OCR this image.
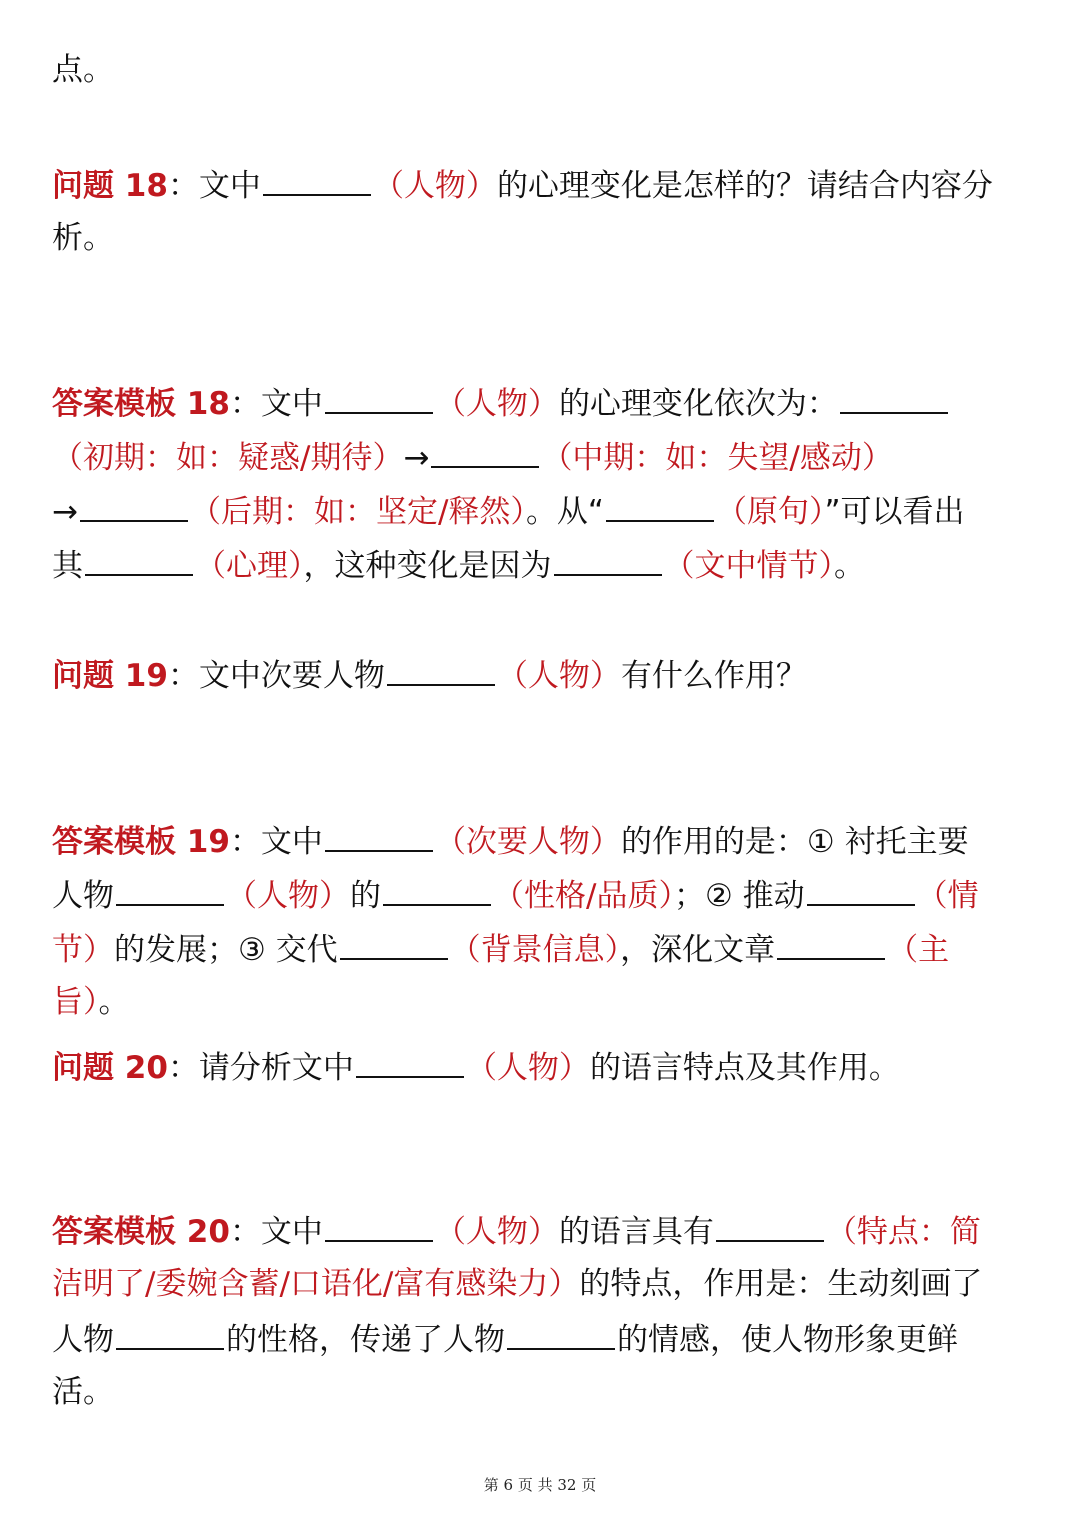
点。
问题 18：文中	（人物）的心理变化是怎样的？请结合内容分
析。
答案模板 18：文中	（人物）的心理变化依次为：
（初期：如：疑惑/期待）→	（中期：如：失望/感动）
→	（后期：如：坚定/释然）。从“	（原句）”可以看出
其	（心理），这种变化是因为	（文中情节）。
问题 19：文中次要人物	（人物）有什么作用？
答案模板 19：文中	（次要人物）的作用的是：① 衬托主要
人物	（人物）的	（性格/品质）；② 推动	（情
节）的发展；③ 交代	（背景信息），深化文章	（主
旨）。
问题 20：请分析文中	（人物）的语言特点及其作用。
答案模板 20：文中	（人物）的语言具有	（特点：简
洁明了/委婉含蓄/口语化/富有感染力）的特点，作用是：生动刻画了
人物	的性格，传递了人物	的情感，使人物形象更鲜
活。
第 6 页 共 32 页
